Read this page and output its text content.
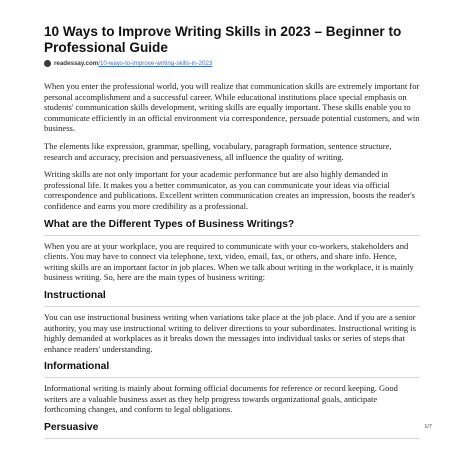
10 Ways to Improve Writing Skills in 2023 – Beginner to Professional Guide
readessay.com /10-ways-to-improve-writing-skills-in-2023

When you enter the professional world, you will realize that communication skills are extremely important for personal accomplishment and a successful career. While educational institutions place special emphasis on students' communication skills development, writing skills are equally important. These skills enable you to communicate efficiently in an official environment via correspondence, persuade potential customers, and win business.

The elements like expression, grammar, spelling, vocabulary, paragraph formation, sentence structure, research and accuracy, precision and persuasiveness, all influence the quality of writing.

Writing skills are not only important for your academic performance but are also highly demanded in professional life. It makes you a better communicator, as you can communicate your ideas via official correspondence and publications. Excellent written communication creates an impression, boosts the reader's confidence and earns you more credibility as a professional.

What are the Different Types of Business Writings?

When you are at your workplace, you are required to communicate with your co-workers, stakeholders and clients. You may have to connect via telephone, text, video, email, fax, or others, and share info. Hence, writing skills are an important factor in job places. When we talk about writing in the workplace, it is mainly business writing. So, here are the main types of business writing:

Instructional

You can use instructional business writing when variations take place at the job place. And if you are a senior authority, you may use instructional writing to deliver directions to your subordinates. Instructional writing is highly demanded at workplaces as it breaks down the messages into individual tasks or series of steps that enhance readers' understanding.

Informational

Informational writing is mainly about forming official documents for reference or record keeping. Good writers are a valuable business asset as they help progress towards organizational goals, anticipate forthcoming changes, and conform to legal obligations.

Persuasive	1/7
